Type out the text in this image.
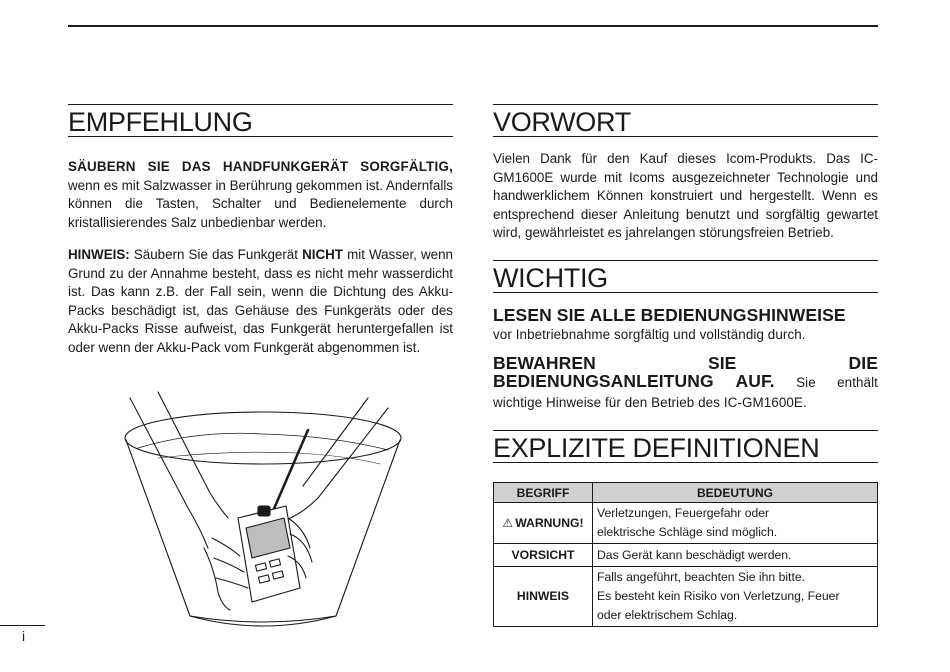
EMPFEHLUNG

SÄUBERN SIE DAS HANDFUNKGERÄT SORGFÄLTIG, wenn es mit Salzwasser in Berührung gekommen ist. Andernfalls können die Tasten, Schalter und Bedienelemente durch kristallisierendes Salz unbedienbar werden.

HINWEIS: Säubern Sie das Funkgerät NICHT mit Wasser, wenn Grund zu der Annahme besteht, dass es nicht mehr wasserdicht ist. Das kann z.B. der Fall sein, wenn die Dichtung des Akku-Packs beschädigt ist, das Gehäuse des Funkgeräts oder des Akku-Packs Risse aufweist, das Funkgerät heruntergefallen ist oder wenn der Akku-Pack vom Funkgerät abgenommen ist.

VORWORT

Vielen Dank für den Kauf dieses Icom-Produkts. Das IC-GM1600E wurde mit Icoms ausgezeichneter Technologie und handwerklichem Können konstruiert und hergestellt. Wenn es entsprechend dieser Anleitung benutzt und sorgfältig gewartet wird, gewährleistet es jahrelangen störungsfreien Betrieb.

WICHTIG
LESEN SIE ALLE BEDIENUNGSHINWEISE
vor Inbetriebnahme sorgfältig und vollständig durch.
BEWAHREN SIE DIE BEDIENUNGSANLEITUNG AUF. Sie enthält wichtige Hinweise für den Betrieb des IC-GM1600E.
EXPLIZITE DEFINITIONEN
BEGRIFF	BEDEUTUNG
⚠ WARNUNG!	Verletzungen, Feuergefahr oder
elektrische Schläge sind möglich.

VORSICHT	Das Gerät kann beschädigt werden.

HINWEIS	Falls angeführt, beachten Sie ihn bitte.
Es besteht kein Risiko von Verletzung, Feuer
oder elektrischem Schlag.
i
